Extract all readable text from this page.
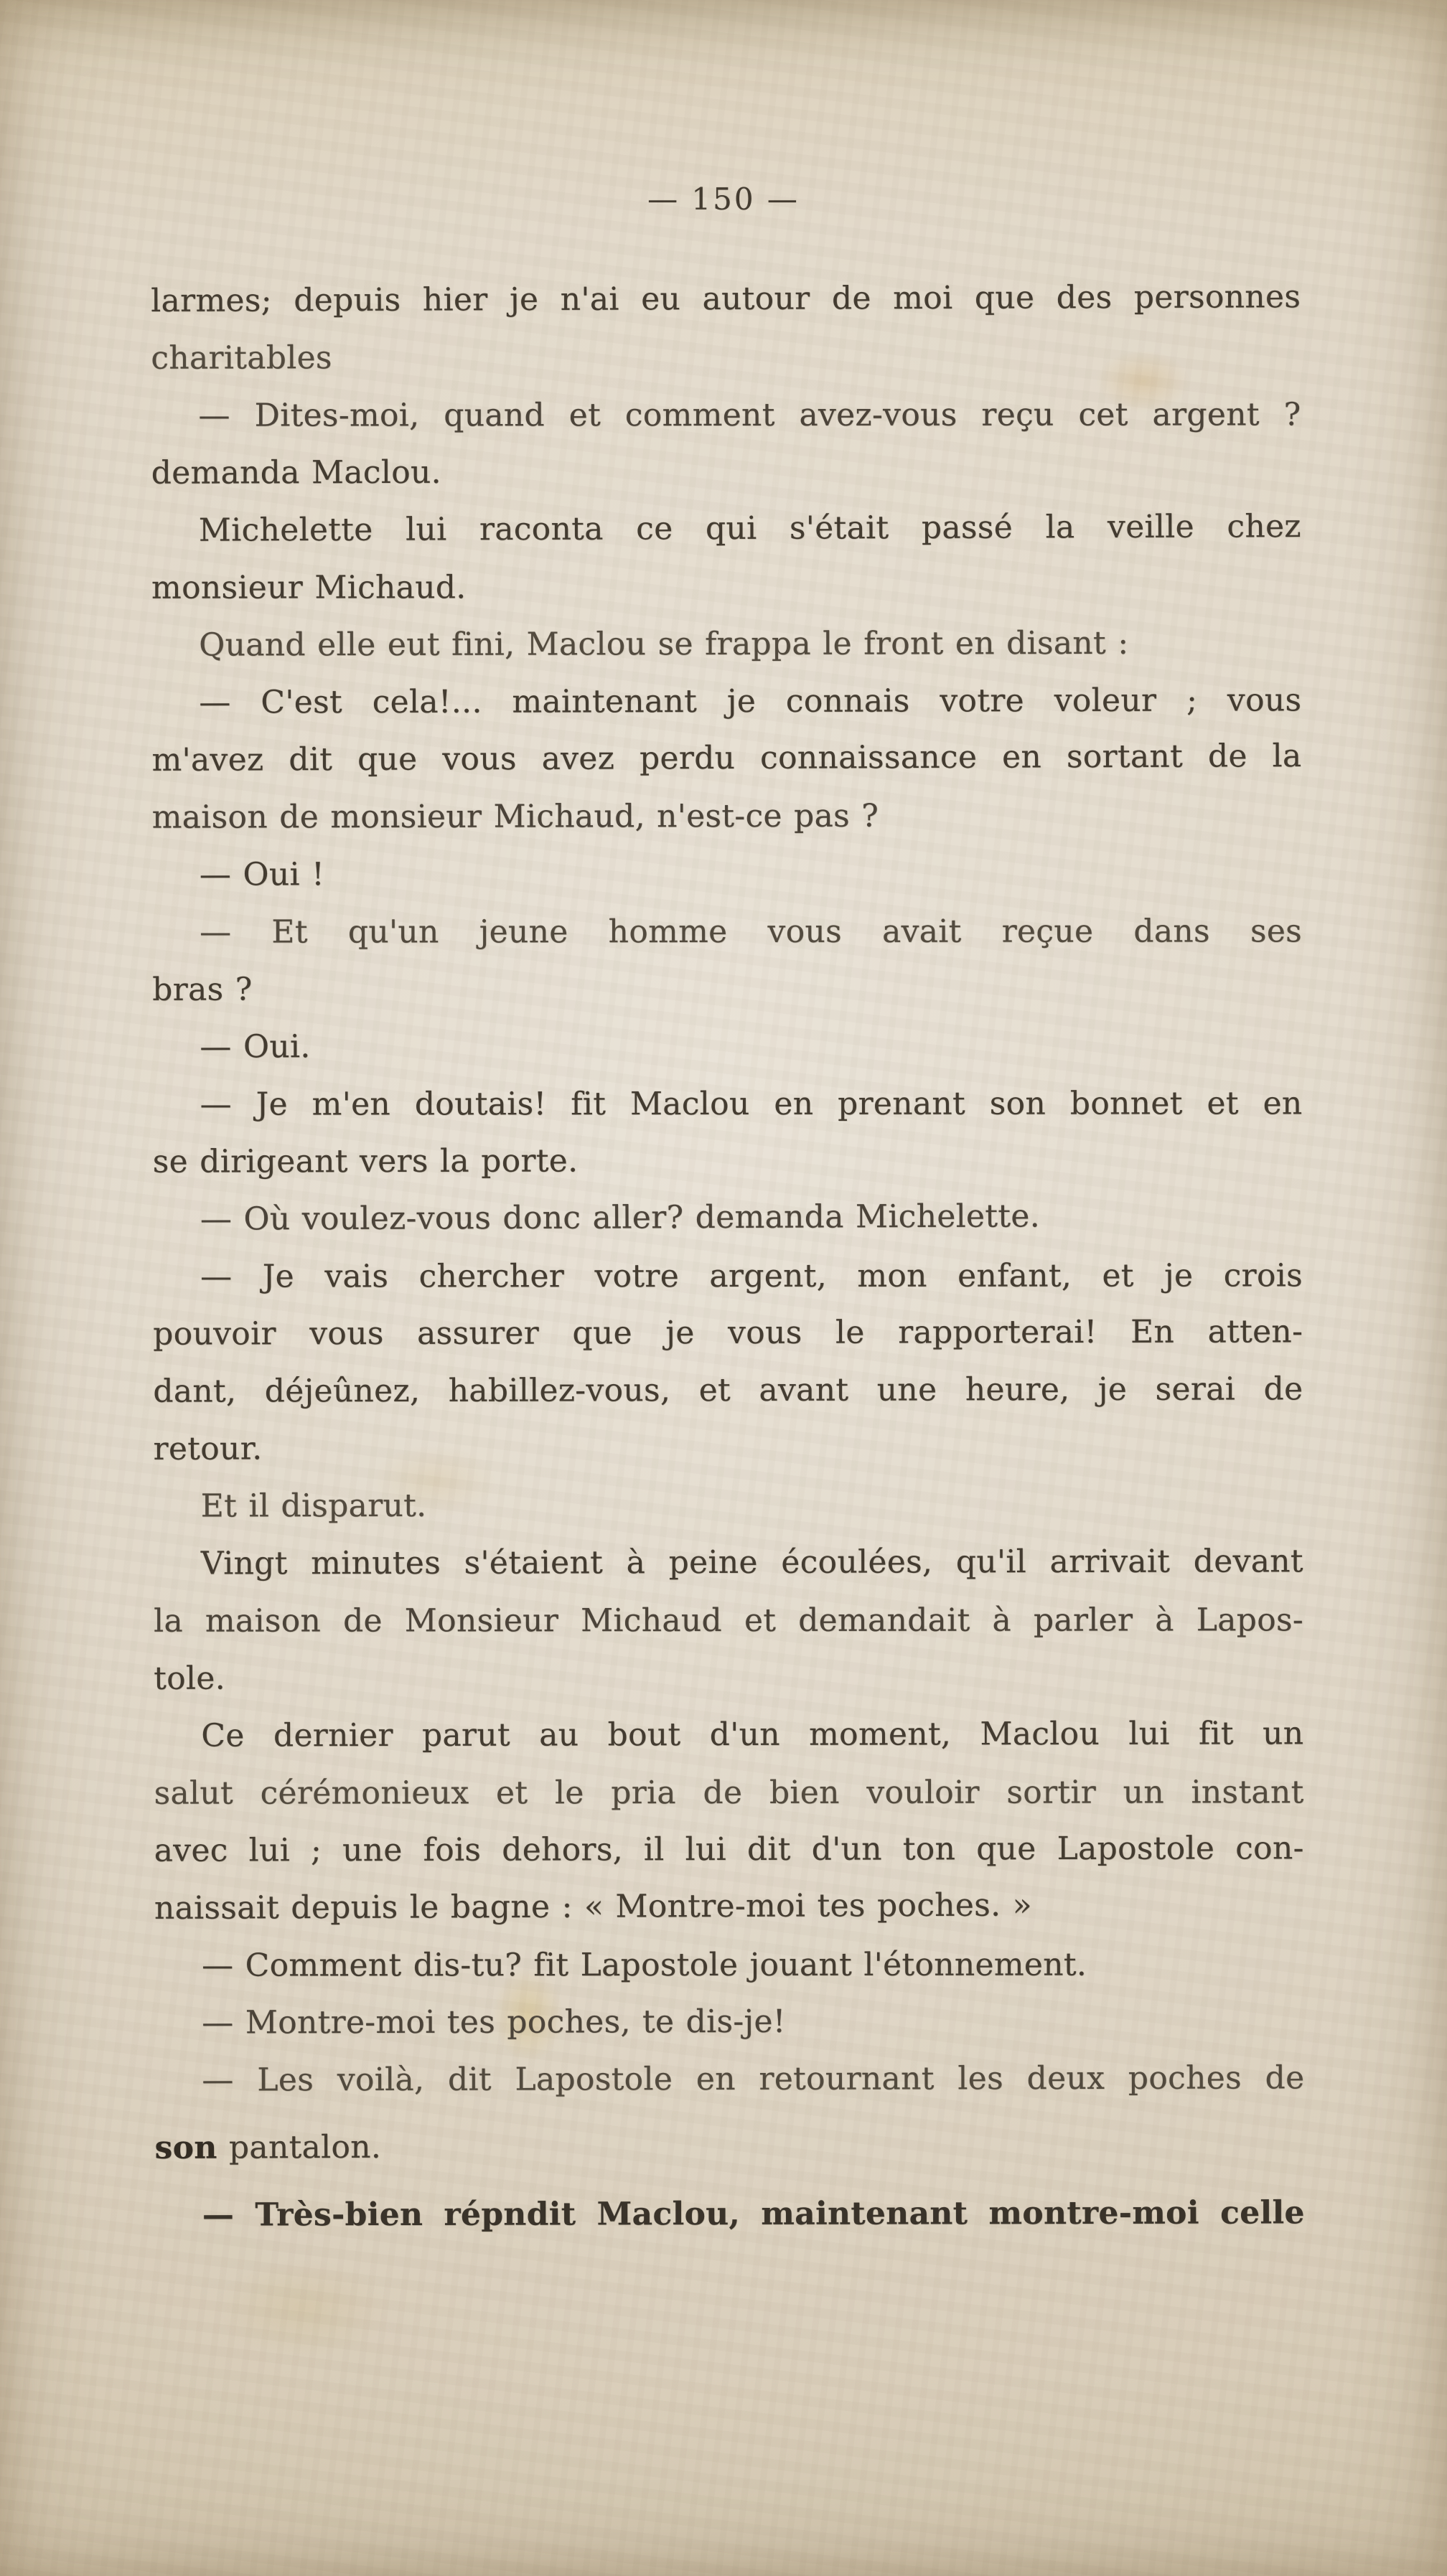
— 150 —
larmes; depuis hier je n'ai eu autour de moi que des personnes
charitables
— Dites-moi, quand et comment avez-vous reçu cet argent ?
demanda Maclou.
Michelette lui raconta ce qui s'était passé la veille chez
monsieur Michaud.
Quand elle eut fini, Maclou se frappa le front en disant :
— C'est cela!... maintenant je connais votre voleur ; vous
m'avez dit que vous avez perdu connaissance en sortant de la
maison de monsieur Michaud, n'est-ce pas ?
— Oui !
— Et qu'un jeune homme vous avait reçue dans ses
bras ?
— Oui.
— Je m'en doutais! fit Maclou en prenant son bonnet et en
se dirigeant vers la porte.
— Où voulez-vous donc aller? demanda Michelette.
— Je vais chercher votre argent, mon enfant, et je crois
pouvoir vous assurer que je vous le rapporterai! En atten-
dant, déjeûnez, habillez-vous, et avant une heure, je serai de
retour.
Et il disparut.
Vingt minutes s'étaient à peine écoulées, qu'il arrivait devant
la maison de Monsieur Michaud et demandait à parler à Lapos-
tole.
Ce dernier parut au bout d'un moment, Maclou lui fit un
salut cérémonieux et le pria de bien vouloir sortir un instant
avec lui ; une fois dehors, il lui dit d'un ton que Lapostole con-
naissait depuis le bagne : « Montre-moi tes poches. »
— Comment dis-tu? fit Lapostole jouant l'étonnement.
— Montre-moi tes poches, te dis-je!
— Les voilà, dit Lapostole en retournant les deux poches de
son pantalon.
— Très-bien répndit Maclou, maintenant montre-moi celle
